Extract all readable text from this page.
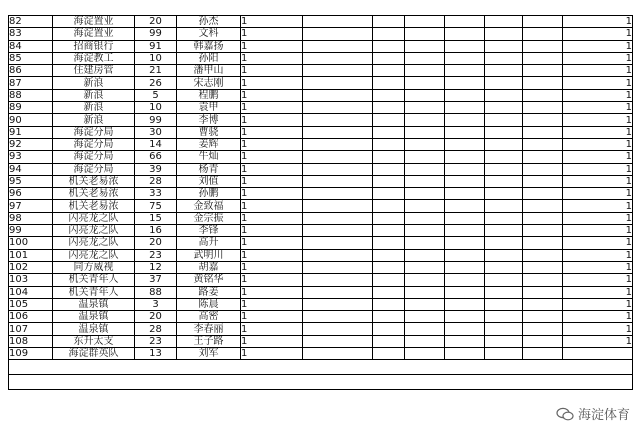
82	海淀置业	20	孙杰	1							1
83	海淀置业	99	文科	1							1
84	招商银行	91	韩嘉扬	1							1
85	海淀教工	10	孙阳	1							1
86	住建房管	21	潘甲山	1							1
87	新浪	26	宋志刚	1							1
88	新浪	5	程鹏	1							1
89	新浪	10	袁甲	1							1
90	新浪	99	李博	1							1
91	海淀分局	30	曹骁	1							1
92	海淀分局	14	姜辉	1							1
93	海淀分局	66	牛灿	1							1
94	海淀分局	39	杨青	1							1
95	机关老易浓	28	刘值	1							1
96	机关老易浓	33	孙鹏	1							1
97	机关老易浓	75	金致福	1							1
98	闪亮龙之队	15	金宗振	1							1
99	闪亮龙之队	16	李锋	1							1
100	闪亮龙之队	20	高升	1							1
101	闪亮龙之队	23	武明川	1							1
102	同方威视	12	胡嘉	1							1
103	机关青年人	37	黄铭华	1							1
104	机关青年人	88	路姜	1							1
105	温泉镇	3	陈晨	1							1
106	温泉镇	20	高密	1							1
107	温泉镇	28	李春丽	1							1
108	东升太支	23	王子路	1							1
109	海淀群英队	13	刘军	1							

海淀体育
